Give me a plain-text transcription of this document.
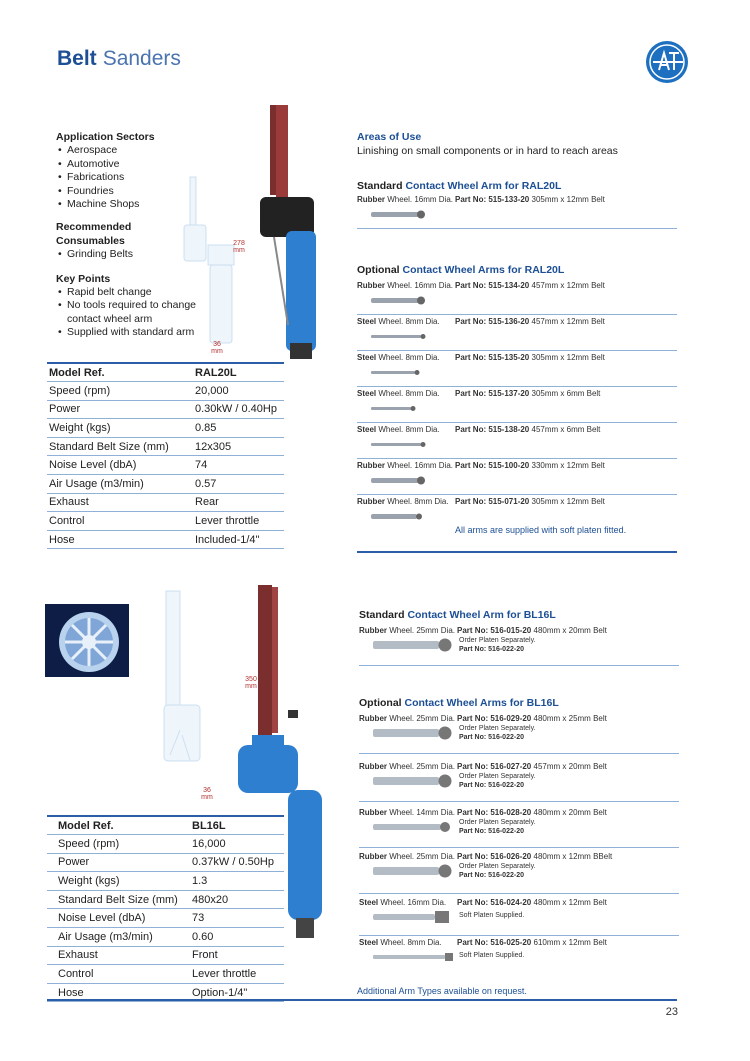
Belt Sanders
Application Sectors
• Aerospace
• Automotive
• Fabrications
• Foundries
• Machine Shops
Recommended
Consumables
• Grinding Belts
Key Points
• Rapid belt change
• No tools required to change contact wheel arm
• Supplied with standard arm
278
mm
36
mm
Model Ref.	RAL20L
Speed (rpm)	20,000
Power	0.30kW / 0.40Hp
Weight (kgs)	0.85
Standard Belt Size (mm)	12x305
Noise Level (dbA)	74
Air Usage (m3/min)	0.57
Exhaust	Rear
Control	Lever throttle
Hose	Included-1/4"
Areas of Use
Linishing on small components or in hard to reach areas
Standard Contact Wheel Arm for RAL20L
Rubber Wheel. 16mm Dia. Part No: 515-133-20 305mm x 12mm Belt
Optional Contact Wheel Arms for RAL20L
Rubber Wheel. 16mm Dia. Part No: 515-134-20 457mm x 12mm Belt
Steel Wheel. 8mm Dia. Part No: 515-136-20 457mm x 12mm Belt
Steel Wheel. 8mm Dia. Part No: 515-135-20 305mm x 12mm Belt
Steel Wheel. 8mm Dia. Part No: 515-137-20 305mm x 6mm Belt
Steel Wheel. 8mm Dia. Part No: 515-138-20 457mm x 6mm Belt
Rubber Wheel. 16mm Dia. Part No: 515-100-20 330mm x 12mm Belt
Rubber Wheel. 8mm Dia. Part No: 515-071-20 305mm x 12mm Belt
All arms are supplied with soft platen fitted.
350
mm
36
mm
Model Ref.	BL16L
Speed (rpm)	16,000
Power	0.37kW / 0.50Hp
Weight (kgs)	1.3
Standard Belt Size (mm)	480x20
Noise Level (dbA)	73
Air Usage (m3/min)	0.60
Exhaust	Front
Control	Lever throttle
Hose	Option-1/4"
Standard Contact Wheel Arm for BL16L
Rubber Wheel. 25mm Dia. Part No: 516-015-20 480mm x 20mm Belt
Order Platen Separately.
Part No: 516-022-20
Optional Contact Wheel Arms for BL16L
Rubber Wheel. 25mm Dia. Part No: 516-029-20 480mm x 25mm Belt
Order Platen Separately.
Part No: 516-022-20
Rubber Wheel. 25mm Dia. Part No: 516-027-20 457mm x 20mm Belt
Order Platen Separately.
Part No: 516-022-20
Rubber Wheel. 14mm Dia. Part No: 516-028-20 480mm x 20mm Belt
Order Platen Separately.
Part No: 516-022-20
Rubber Wheel. 25mm Dia. Part No: 516-026-20 480mm x 12mm BBelt
Order Platen Separately.
Part No: 516-022-20
Steel Wheel. 16mm Dia. Part No: 516-024-20 480mm x 12mm Belt
Soft Platen Supplied.
Steel Wheel. 8mm Dia. Part No: 516-025-20 610mm x 12mm Belt
Soft Platen Supplied.
Additional Arm Types available on request.
23
